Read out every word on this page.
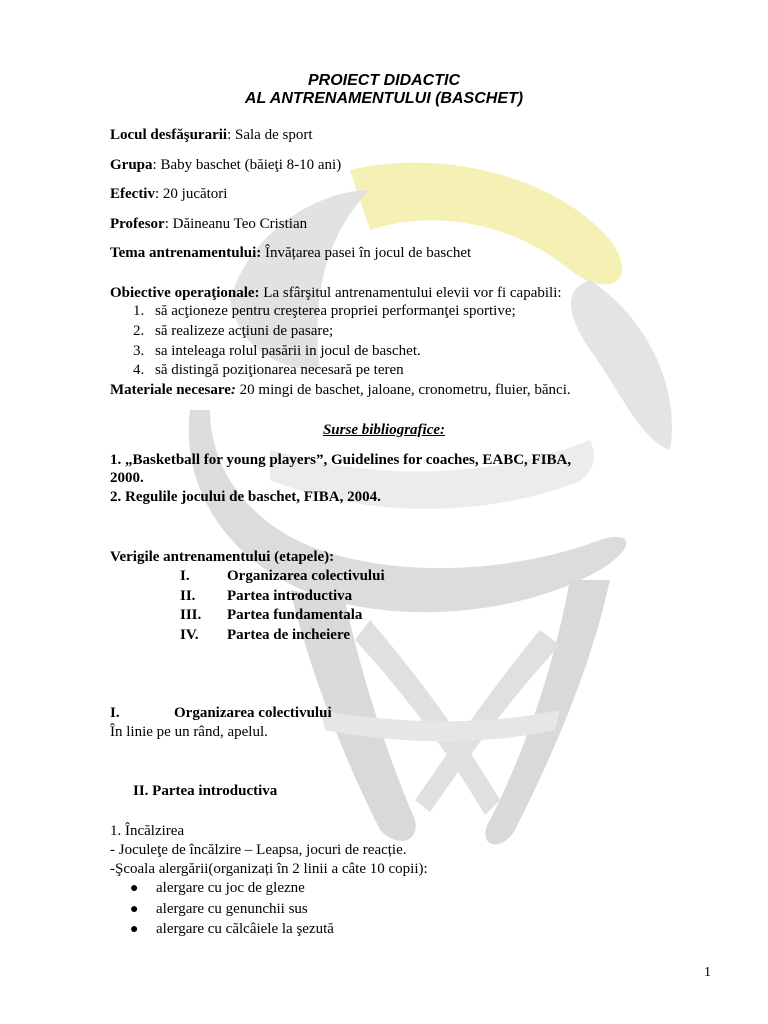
PROIECT DIDACTIC
AL ANTRENAMENTULUI (BASCHET)
Locul desfăşurarii: Sala de sport
Grupa: Baby baschet (băieţi 8-10 ani)
Efectiv: 20 jucători
Profesor: Dăineanu Teo Cristian
Tema antrenamentului: Învățarea pasei în jocul de baschet
Obiective operaţionale: La sfârşitul antrenamentului elevii vor fi capabili:
1. să acţioneze pentru creşterea propriei performanţei sportive;
2. să realizeze acţiuni de pasare;
3. sa inteleaga rolul pasării in jocul de baschet.
4. să distingă poziţionarea necesară pe teren
Materiale necesare: 20 mingi de baschet, jaloane, cronometru, fluier, bănci.
Surse bibliografice:
1. „Basketball for young players”, Guidelines for coaches, EABC, FIBA,
2000.
2. Regulile jocului de baschet, FIBA, 2004.
Verigile antrenamentului (etapele):
I. Organizarea colectivului
II. Partea introductiva
III. Partea fundamentala
IV. Partea de incheiere
I.	Organizarea colectivului
În linie pe un rând, apelul.
II. Partea introductiva
1. Încălzirea
- Joculeţe de încălzire – Leapsa, jocuri de reacție.
-Şcoala alergării(organizați în 2 linii a câte 10 copii):
● alergare cu joc de glezne
● alergare cu genunchii sus
● alergare cu călcâiele la şezută
1
